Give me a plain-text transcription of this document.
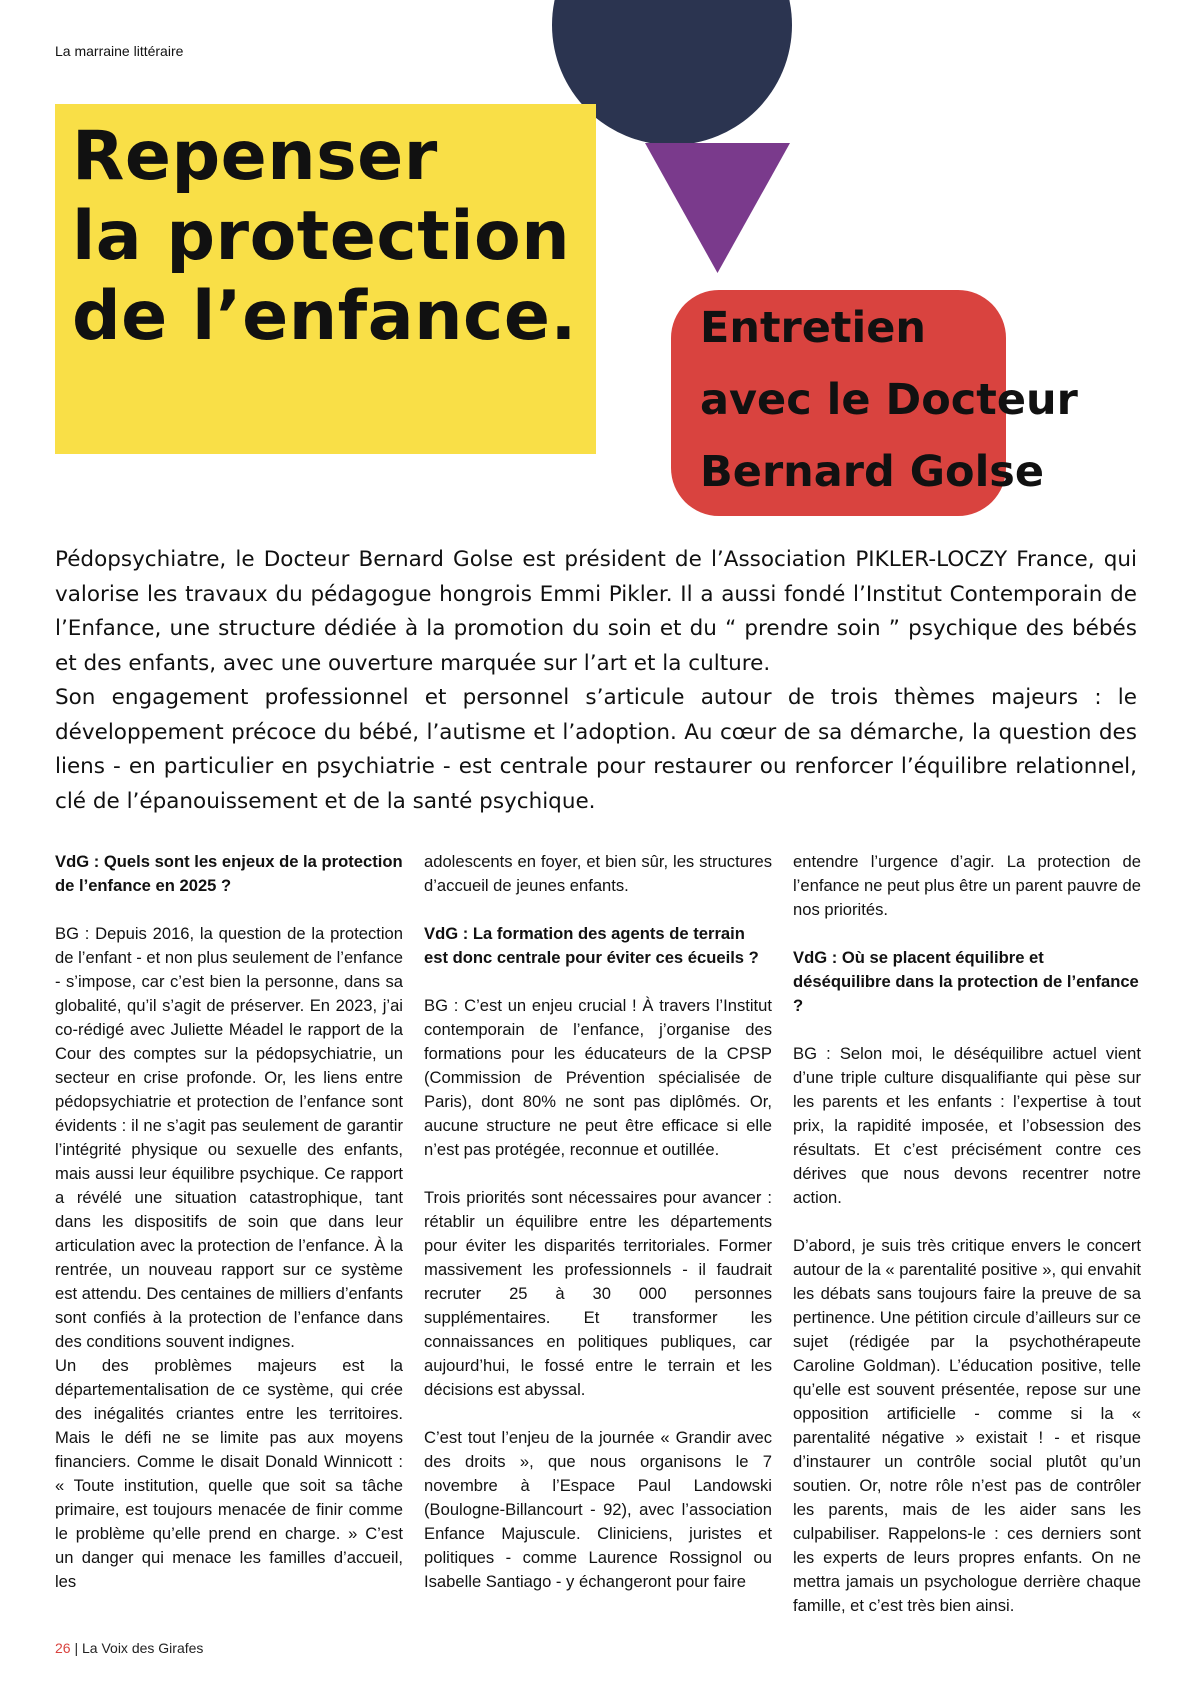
La marraine littéraire
Repenser
la protection
de l’enfance.	Entretien
avec le Docteur
Bernard Golse

Pédopsychiatre, le Docteur Bernard Golse est président de l’Association PIKLER-LOCZY France, qui valorise les travaux du pédagogue hongrois Emmi Pikler. Il a aussi fondé l’Institut Contemporain de l’Enfance, une structure dédiée à la promotion du soin et du “ prendre soin ” psychique des bébés et des enfants, avec une ouverture marquée sur l’art et la culture.

Son engagement professionnel et personnel s’articule autour de trois thèmes majeurs : le développement précoce du bébé, l’autisme et l’adoption. Au cœur de sa démarche, la question des liens - en particulier en psychiatrie - est centrale pour restaurer ou renforcer l’équilibre relationnel, clé de l’épanouissement et de la santé psychique.

VdG : Quels sont les enjeux de la protection de l’enfance en 2025 ?

BG : Depuis 2016, la question de la protection de l’enfant - et non plus seulement de l’enfance - s’impose, car c’est bien la personne, dans sa globalité, qu’il s’agit de préserver. En 2023, j’ai co-rédigé avec Juliette Méadel le rapport de la Cour des comptes sur la pédopsychiatrie, un secteur en crise profonde. Or, les liens entre pédopsychiatrie et protection de l’enfance sont évidents : il ne s’agit pas seulement de garantir l’intégrité physique ou sexuelle des enfants, mais aussi leur équilibre psychique. Ce rapport a révélé une situation catastrophique, tant dans les dispositifs de soin que dans leur articulation avec la protection de l’enfance. À la rentrée, un nouveau rapport sur ce système est attendu. Des centaines de milliers d’enfants sont confiés à la protection de l’enfance dans des conditions souvent indignes.

Un des problèmes majeurs est la départementalisation de ce système, qui crée des inégalités criantes entre les territoires. Mais le défi ne se limite pas aux moyens financiers. Comme le disait Donald Winnicott : « Toute institution, quelle que soit sa tâche primaire, est toujours menacée de finir comme le problème qu’elle prend en charge. » C’est un danger qui menace les familles d’accueil, les

adolescents en foyer, et bien sûr, les structures d’accueil de jeunes enfants.

VdG : La formation des agents de terrain est donc centrale pour éviter ces écueils ?

BG : C’est un enjeu crucial ! À travers l’Institut contemporain de l’enfance, j’organise des formations pour les éducateurs de la CPSP (Commission de Prévention spécialisée de Paris), dont 80% ne sont pas diplômés. Or, aucune structure ne peut être efficace si elle n’est pas protégée, reconnue et outillée.

Trois priorités sont nécessaires pour avancer : rétablir un équilibre entre les départements pour éviter les disparités territoriales. Former massivement les professionnels - il faudrait recruter 25 à 30 000 personnes supplémentaires. Et transformer les connaissances en politiques publiques, car aujourd’hui, le fossé entre le terrain et les décisions est abyssal.

C’est tout l’enjeu de la journée « Grandir avec des droits », que nous organisons le 7 novembre à l’Espace Paul Landowski (Boulogne-Billancourt - 92), avec l’association Enfance Majuscule. Cliniciens, juristes et politiques - comme Laurence Rossignol ou Isabelle Santiago - y échangeront pour faire

entendre l’urgence d’agir. La protection de l’enfance ne peut plus être un parent pauvre de nos priorités.

VdG : Où se placent équilibre et déséquilibre dans la protection de l’enfance ?

BG : Selon moi, le déséquilibre actuel vient d’une triple culture disqualifiante qui pèse sur les parents et les enfants : l’expertise à tout prix, la rapidité imposée, et l’obsession des résultats. Et c’est précisément contre ces dérives que nous devons recentrer notre action.

D’abord, je suis très critique envers le concert autour de la « parentalité positive », qui envahit les débats sans toujours faire la preuve de sa pertinence. Une pétition circule d’ailleurs sur ce sujet (rédigée par la psychothérapeute Caroline Goldman). L’éducation positive, telle qu’elle est souvent présentée, repose sur une opposition artificielle - comme si la « parentalité négative » existait ! - et risque d’instaurer un contrôle social plutôt qu’un soutien. Or, notre rôle n’est pas de contrôler les parents, mais de les aider sans les culpabiliser. Rappelons-le : ces derniers sont les experts de leurs propres enfants. On ne mettra jamais un psychologue derrière chaque famille, et c’est très bien ainsi.

26 | La Voix des Girafes
